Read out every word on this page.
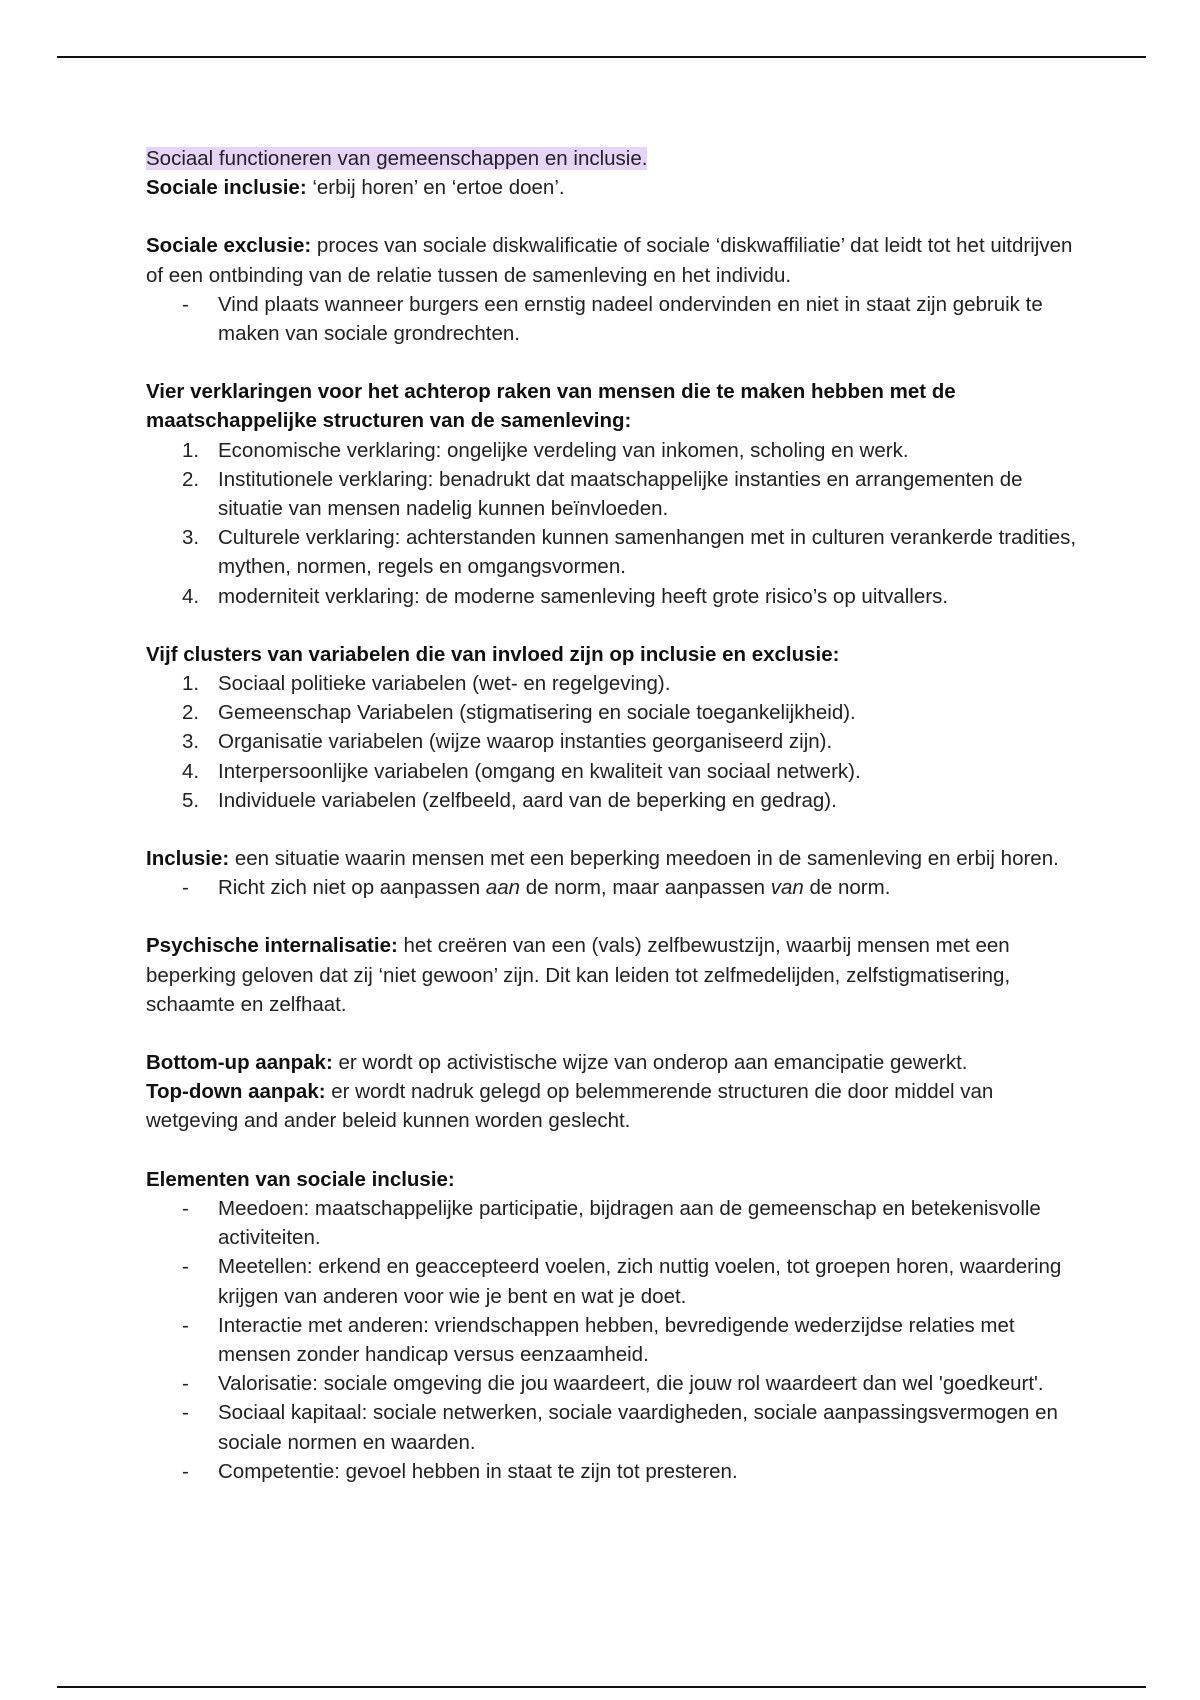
Sociaal functioneren van gemeenschappen en inclusie.

Sociale inclusie: ‘erbij horen’ en ‘ertoe doen’.

Sociale exclusie: proces van sociale diskwalificatie of sociale ‘diskwaffiliatie’ dat leidt tot het uitdrijven of een ontbinding van de relatie tussen de samenleving en het individu.

-	Vind plaats wanneer burgers een ernstig nadeel ondervinden en niet in staat zijn gebruik te maken van sociale grondrechten.

Vier verklaringen voor het achterop raken van mensen die te maken hebben met de maatschappelijke structuren van de samenleving:

1. Economische verklaring: ongelijke verdeling van inkomen, scholing en werk.
2. Institutionele verklaring: benadrukt dat maatschappelijke instanties en arrangementen de situatie van mensen nadelig kunnen beïnvloeden.
3. Culturele verklaring: achterstanden kunnen samenhangen met in culturen verankerde tradities, mythen, normen, regels en omgangsvormen.
4. moderniteit verklaring: de moderne samenleving heeft grote risico’s op uitvallers.

Vijf clusters van variabelen die van invloed zijn op inclusie en exclusie:

1. Sociaal politieke variabelen (wet- en regelgeving).
2. Gemeenschap Variabelen (stigmatisering en sociale toegankelijkheid).
3. Organisatie variabelen (wijze waarop instanties georganiseerd zijn).
4. Interpersoonlijke variabelen (omgang en kwaliteit van sociaal netwerk).
5. Individuele variabelen (zelfbeeld, aard van de beperking en gedrag).

Inclusie: een situatie waarin mensen met een beperking meedoen in de samenleving en erbij horen.

-	Richt zich niet op aanpassen aan de norm, maar aanpassen van de norm.

Psychische internalisatie: het creëren van een (vals) zelfbewustzijn, waarbij mensen met een beperking geloven dat zij ‘niet gewoon’ zijn. Dit kan leiden tot zelfmedelijden, zelfstigmatisering, schaamte en zelfhaat.

Bottom-up aanpak: er wordt op activistische wijze van onderop aan emancipatie gewerkt.

Top-down aanpak: er wordt nadruk gelegd op belemmerende structuren die door middel van wetgeving and ander beleid kunnen worden geslecht.

Elementen van sociale inclusie:

-	Meedoen: maatschappelijke participatie, bijdragen aan de gemeenschap en betekenisvolle activiteiten.
-	Meetellen: erkend en geaccepteerd voelen, zich nuttig voelen, tot groepen horen, waardering krijgen van anderen voor wie je bent en wat je doet.
-	Interactie met anderen: vriendschappen hebben, bevredigende wederzijdse relaties met mensen zonder handicap versus eenzaamheid.
-	Valorisatie: sociale omgeving die jou waardeert, die jouw rol waardeert dan wel 'goedkeurt'.
-	Sociaal kapitaal: sociale netwerken, sociale vaardigheden, sociale aanpassingsvermogen en sociale normen en waarden.
-	Competentie: gevoel hebben in staat te zijn tot presteren.
